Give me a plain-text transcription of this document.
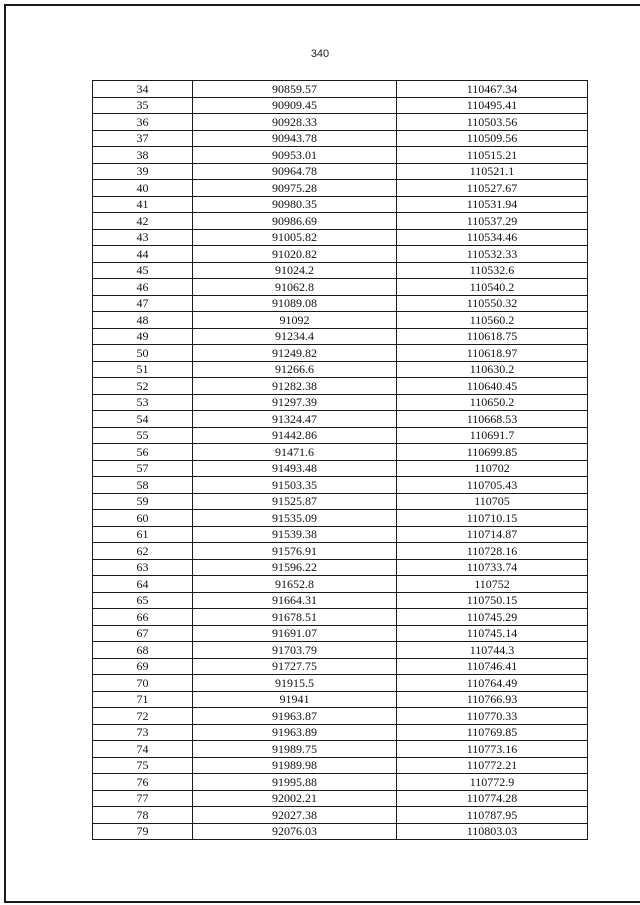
340
34	90859.57	110467.34
35	90909.45	110495.41
36	90928.33	110503.56
37	90943.78	110509.56
38	90953.01	110515.21
39	90964.78	110521.1
40	90975.28	110527.67
41	90980.35	110531.94
42	90986.69	110537.29
43	91005.82	110534.46
44	91020.82	110532.33
45	91024.2	110532.6
46	91062.8	110540.2
47	91089.08	110550.32
48	91092	110560.2
49	91234.4	110618.75
50	91249.82	110618.97
51	91266.6	110630.2
52	91282.38	110640.45
53	91297.39	110650.2
54	91324.47	110668.53
55	91442.86	110691.7
56	91471.6	110699.85
57	91493.48	110702
58	91503.35	110705.43
59	91525.87	110705
60	91535.09	110710.15
61	91539.38	110714.87
62	91576.91	110728.16
63	91596.22	110733.74
64	91652.8	110752
65	91664.31	110750.15
66	91678.51	110745.29
67	91691.07	110745.14
68	91703.79	110744.3
69	91727.75	110746.41
70	91915.5	110764.49
71	91941	110766.93
72	91963.87	110770.33
73	91963.89	110769.85
74	91989.75	110773.16
75	91989.98	110772.21
76	91995.88	110772.9
77	92002.21	110774.28
78	92027.38	110787.95
79	92076.03	110803.03
